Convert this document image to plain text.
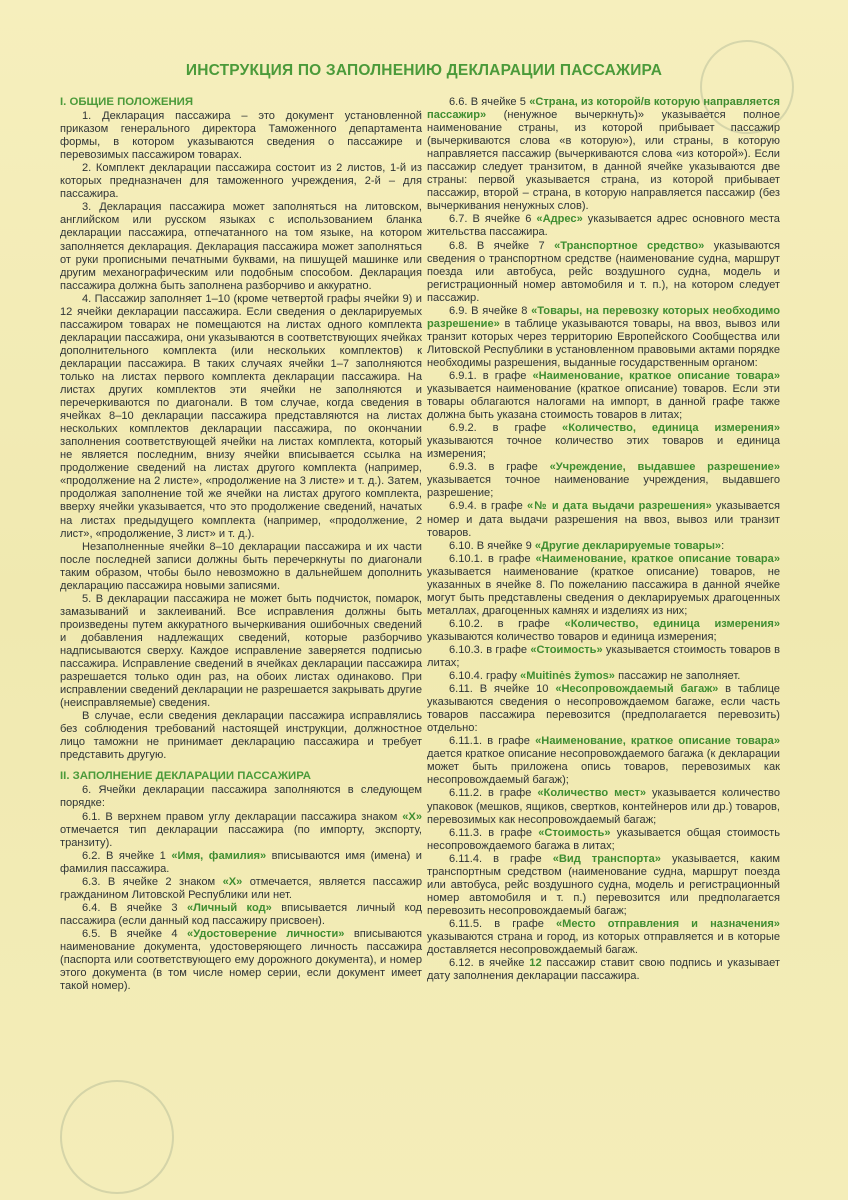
ИНСТРУКЦИЯ ПО ЗАПОЛНЕНИЮ ДЕКЛАРАЦИИ ПАССАЖИРА
I. ОБЩИЕ ПОЛОЖЕНИЯ

1. Декларация пассажира – это документ установленной приказом генерального директора Таможенного департамента формы, в котором указываются сведения о пассажире и перевозимых пассажиром товарах.

2. Комплект декларации пассажира состоит из 2 листов, 1-й из которых предназначен для таможенного учреждения, 2-й – для пассажира.

3. Декларация пассажира может заполняться на литовском, английском или русском языках с использованием бланка декларации пассажира, отпечатанного на том языке, на котором заполняется декларация. Декларация пассажира может заполняться от руки прописными печатными буквами, на пишущей машинке или другим механографическим или подобным способом. Декларация пассажира должна быть заполнена разборчиво и аккуратно.

4. Пассажир заполняет 1–10 (кроме четвертой графы ячейки 9) и 12 ячейки декларации пассажира. Если сведения о декларируемых пассажиром товарах не помещаются на листах одного комплекта декларации пассажира, они указываются в соответствующих ячейках дополнительного комплекта (или нескольких комплектов) к декларации пассажира. В таких случаях ячейки 1–7 заполняются только на листах первого комплекта декларации пассажира. На листах других комплектов эти ячейки не заполняются и перечеркиваются по диагонали. В том случае, когда сведения в ячейках 8–10 декларации пассажира представляются на листах нескольких комплектов декларации пассажира, по окончании заполнения соответствующей ячейки на листах комплекта, который не является последним, внизу ячейки вписывается ссылка на продолжение сведений на листах другого комплекта (например, «продолжение на 2 листе», «продолжение на 3 листе» и т. д.). Затем, продолжая заполнение той же ячейки на листах другого комплекта, вверху ячейки указывается, что это продолжение сведений, начатых на листах предыдущего комплекта (например, «продолжение, 2 лист», «продолжение, 3 лист» и т. д.).

Незаполненные ячейки 8–10 декларации пассажира и их части после последней записи должны быть перечеркнуты по диагонали таким образом, чтобы было невозможно в дальнейшем дополнить декларацию пассажира новыми записями.

5. В декларации пассажира не может быть подчисток, помарок, замазываний и заклеиваний. Все исправления должны быть произведены путем аккуратного вычеркивания ошибочных сведений и добавления надлежащих сведений, которые разборчиво надписываются сверху. Каждое исправление заверяется подписью пассажира. Исправление сведений в ячейках декларации пассажира разрешается только один раз, на обоих листах одинаково. При исправлении сведений декларации не разрешается закрывать другие (неисправляемые) сведения.

В случае, если сведения декларации пассажира исправлялись без соблюдения требований настоящей инструкции, должностное лицо таможни не принимает декларацию пассажира и требует представить другую.

II. ЗАПОЛНЕНИЕ ДЕКЛАРАЦИИ ПАССАЖИРА

6. Ячейки декларации пассажира заполняются в следующем порядке:

6.1. В верхнем правом углу декларации пассажира знаком «X» отмечается тип декларации пассажира (по импорту, экспорту, транзиту).

6.2. В ячейке 1 «Имя, фамилия» вписываются имя (имена) и фамилия пассажира.

6.3. В ячейке 2 знаком «X» отмечается, является пассажир гражданином Литовской Республики или нет.

6.4. В ячейке 3 «Личный код» вписывается личный код пассажира (если данный код пассажиру присвоен).

6.5. В ячейке 4 «Удостоверение личности» вписываются наименование документа, удостоверяющего личность пассажира (паспорта или соответствующего ему дорожного документа), и номер этого документа (в том числе номер серии, если документ имеет такой номер).

6.6. В ячейке 5 «Страна, из которой/в которую направляется пассажир» (ненужное вычеркнуть)» указывается полное наименование страны, из которой прибывает пассажир (вычеркиваются слова «в которую»), или страны, в которую направляется пассажир (вычеркиваются слова «из которой»). Если пассажир следует транзитом, в данной ячейке указываются две страны: первой указывается страна, из которой прибывает пассажир, второй – страна, в которую направляется пассажир (без вычеркивания ненужных слов).

6.7. В ячейке 6 «Адрес» указывается адрес основного места жительства пассажира.

6.8. В ячейке 7 «Транспортное средство» указываются сведения о транспортном средстве (наименование судна, маршрут поезда или автобуса, рейс воздушного судна, модель и регистрационный номер автомобиля и т. п.), на котором следует пассажир.

6.9. В ячейке 8 «Товары, на перевозку которых необходимо разрешение» в таблице указываются товары, на ввоз, вывоз или транзит которых через территорию Европейского Сообщества или Литовской Республики в установленном правовыми актами порядке необходимы разрешения, выданные государственным органом:

6.9.1. в графе «Наименование, краткое описание товара» указывается наименование (краткое описание) товаров. Если эти товары облагаются налогами на импорт, в данной графе также должна быть указана стоимость товаров в литах;

6.9.2. в графе «Количество, единица измерения» указываются точное количество этих товаров и единица измерения;

6.9.3. в графе «Учреждение, выдавшее разрешение» указывается точное наименование учреждения, выдавшего разрешение;

6.9.4. в графе «№ и дата выдачи разрешения» указывается номер и дата выдачи разрешения на ввоз, вывоз или транзит товаров.

6.10. В ячейке 9 «Другие декларируемые товары»:

6.10.1. в графе «Наименование, краткое описание товара» указывается наименование (краткое описание) товаров, не указанных в ячейке 8. По пожеланию пассажира в данной ячейке могут быть представлены сведения о декларируемых драгоценных металлах, драгоценных камнях и изделиях из них;

6.10.2. в графе «Количество, единица измерения» указываются количество товаров и единица измерения;

6.10.3. в графе «Стоимость» указывается стоимость товаров в литах;

6.10.4. графу «Muitinės žymos» пассажир не заполняет.

6.11. В ячейке 10 «Несопровождаемый багаж» в таблице указываются сведения о несопровождаемом багаже, если часть товаров пассажира перевозится (предполагается перевозить) отдельно:

6.11.1. в графе «Наименование, краткое описание товара» дается краткое описание несопровождаемого багажа (к декларации может быть приложена опись товаров, перевозимых как несопровождаемый багаж);

6.11.2. в графе «Количество мест» указывается количество упаковок (мешков, ящиков, свертков, контейнеров или др.) товаров, перевозимых как несопровождаемый багаж;

6.11.3. в графе «Стоимость» указывается общая стоимость несопровождаемого багажа в литах;

6.11.4. в графе «Вид транспорта» указывается, каким транспортным средством (наименование судна, маршрут поезда или автобуса, рейс воздушного судна, модель и регистрационный номер автомобиля и т. п.) перевозится или предполагается перевозить несопровождаемый багаж;

6.11.5. в графе «Место отправления и назначения» указываются страна и город, из которых отправляется и в которые доставляется несопровождаемый багаж.

6.12. в ячейке 12 пассажир ставит свою подпись и указывает дату заполнения декларации пассажира.
